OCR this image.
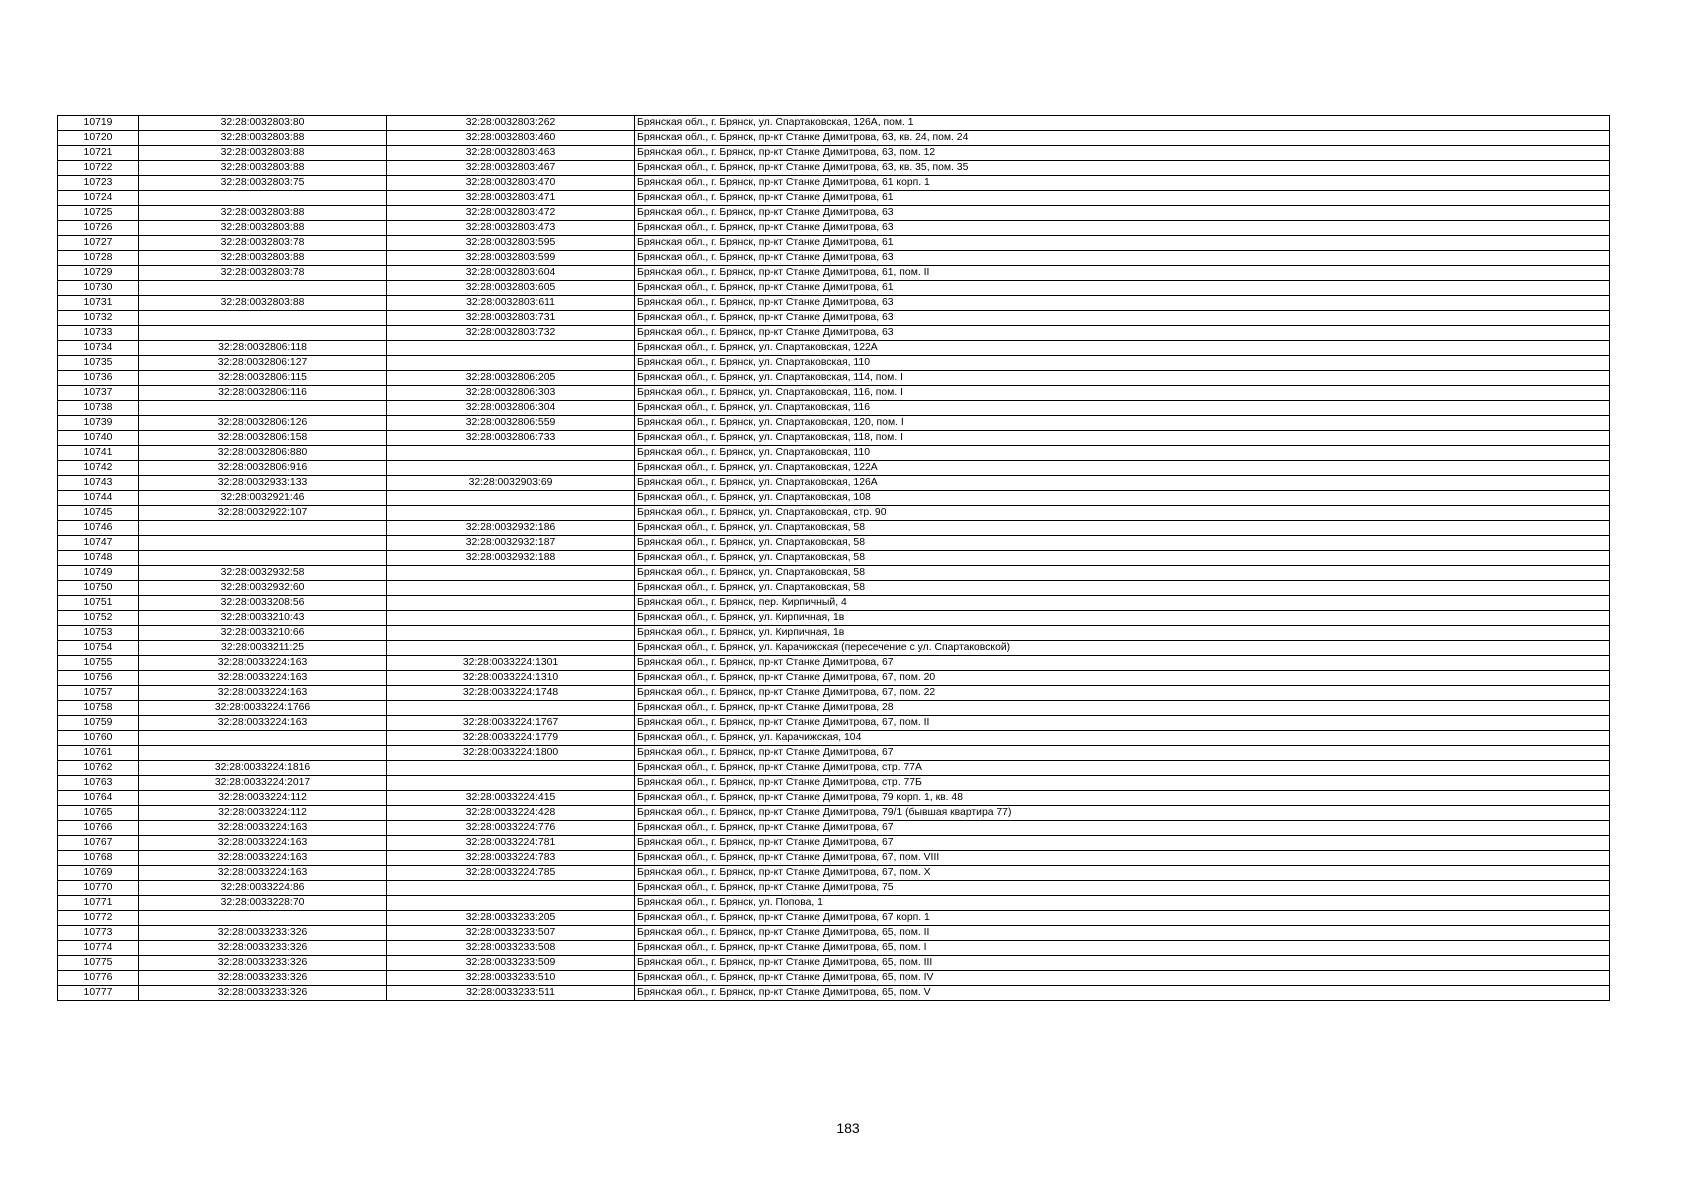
10719	32:28:0032803:80	32:28:0032803:262	Брянская обл., г. Брянск, ул. Спартаковская, 126А, пом. 1
10720	32:28:0032803:88	32:28:0032803:460	Брянская обл., г. Брянск, пр-кт Станке Димитрова, 63, кв. 24, пом. 24
10721	32:28:0032803:88	32:28:0032803:463	Брянская обл., г. Брянск, пр-кт Станке Димитрова, 63, пом. 12
10722	32:28:0032803:88	32:28:0032803:467	Брянская обл., г. Брянск, пр-кт Станке Димитрова, 63, кв. 35, пом. 35
10723	32:28:0032803:75	32:28:0032803:470	Брянская обл., г. Брянск, пр-кт Станке Димитрова, 61 корп. 1
10724		32:28:0032803:471	Брянская обл., г. Брянск, пр-кт Станке Димитрова, 61
10725	32:28:0032803:88	32:28:0032803:472	Брянская обл., г. Брянск, пр-кт Станке Димитрова, 63
10726	32:28:0032803:88	32:28:0032803:473	Брянская обл., г. Брянск, пр-кт Станке Димитрова, 63
10727	32:28:0032803:78	32:28:0032803:595	Брянская обл., г. Брянск, пр-кт Станке Димитрова, 61
10728	32:28:0032803:88	32:28:0032803:599	Брянская обл., г. Брянск, пр-кт Станке Димитрова, 63
10729	32:28:0032803:78	32:28:0032803:604	Брянская обл., г. Брянск, пр-кт Станке Димитрова, 61, пом. II
10730		32:28:0032803:605	Брянская обл., г. Брянск, пр-кт Станке Димитрова, 61
10731	32:28:0032803:88	32:28:0032803:611	Брянская обл., г. Брянск, пр-кт Станке Димитрова, 63
10732		32:28:0032803:731	Брянская обл., г. Брянск, пр-кт Станке Димитрова, 63
10733		32:28:0032803:732	Брянская обл., г. Брянск, пр-кт Станке Димитрова, 63
10734	32:28:0032806:118		Брянская обл., г. Брянск, ул. Спартаковская, 122А
10735	32:28:0032806:127		Брянская обл., г. Брянск, ул. Спартаковская, 110
10736	32:28:0032806:115	32:28:0032806:205	Брянская обл., г. Брянск, ул. Спартаковская, 114, пом. I
10737	32:28:0032806:116	32:28:0032806:303	Брянская обл., г. Брянск, ул. Спартаковская, 116, пом. I
10738		32:28:0032806:304	Брянская обл., г. Брянск, ул. Спартаковская, 116
10739	32:28:0032806:126	32:28:0032806:559	Брянская обл., г. Брянск, ул. Спартаковская, 120, пом. I
10740	32:28:0032806:158	32:28:0032806:733	Брянская обл., г. Брянск, ул. Спартаковская, 118, пом. I
10741	32:28:0032806:880		Брянская обл., г. Брянск, ул. Спартаковская, 110
10742	32:28:0032806:916		Брянская обл., г. Брянск, ул. Спартаковская, 122А
10743	32:28:0032933:133	32:28:0032903:69	Брянская обл., г. Брянск, ул. Спартаковская, 126А
10744	32:28:0032921:46		Брянская обл., г. Брянск, ул. Спартаковская, 108
10745	32:28:0032922:107		Брянская обл., г. Брянск, ул. Спартаковская, стр. 90
10746		32:28:0032932:186	Брянская обл., г. Брянск, ул. Спартаковская, 58
10747		32:28:0032932:187	Брянская обл., г. Брянск, ул. Спартаковская, 58
10748		32:28:0032932:188	Брянская обл., г. Брянск, ул. Спартаковская, 58
10749	32:28:0032932:58		Брянская обл., г. Брянск, ул. Спартаковская, 58
10750	32:28:0032932:60		Брянская обл., г. Брянск, ул. Спартаковская, 58
10751	32:28:0033208:56		Брянская обл., г. Брянск, пер. Кирпичный, 4
10752	32:28:0033210:43		Брянская обл., г. Брянск, ул. Кирпичная, 1в
10753	32:28:0033210:66		Брянская обл., г. Брянск, ул. Кирпичная, 1в
10754	32:28:0033211:25		Брянская обл., г. Брянск, ул. Карачижская (пересечение с ул. Спартаковской)
10755	32:28:0033224:163	32:28:0033224:1301	Брянская обл., г. Брянск, пр-кт Станке Димитрова, 67
10756	32:28:0033224:163	32:28:0033224:1310	Брянская обл., г. Брянск, пр-кт Станке Димитрова, 67, пом. 20
10757	32:28:0033224:163	32:28:0033224:1748	Брянская обл., г. Брянск, пр-кт Станке Димитрова, 67, пом. 22
10758	32:28:0033224:1766		Брянская обл., г. Брянск, пр-кт Станке Димитрова, 28
10759	32:28:0033224:163	32:28:0033224:1767	Брянская обл., г. Брянск, пр-кт Станке Димитрова, 67, пом. II
10760		32:28:0033224:1779	Брянская обл., г. Брянск, ул. Карачижская, 104
10761		32:28:0033224:1800	Брянская обл., г. Брянск, пр-кт Станке Димитрова, 67
10762	32:28:0033224:1816		Брянская обл., г. Брянск, пр-кт Станке Димитрова, стр. 77А
10763	32:28:0033224:2017		Брянская обл., г. Брянск, пр-кт Станке Димитрова, стр. 77Б
10764	32:28:0033224:112	32:28:0033224:415	Брянская обл., г. Брянск, пр-кт Станке Димитрова, 79 корп. 1, кв. 48
10765	32:28:0033224:112	32:28:0033224:428	Брянская обл., г. Брянск, пр-кт Станке Димитрова, 79/1 (бывшая квартира 77)
10766	32:28:0033224:163	32:28:0033224:776	Брянская обл., г. Брянск, пр-кт Станке Димитрова, 67
10767	32:28:0033224:163	32:28:0033224:781	Брянская обл., г. Брянск, пр-кт Станке Димитрова, 67
10768	32:28:0033224:163	32:28:0033224:783	Брянская обл., г. Брянск, пр-кт Станке Димитрова, 67, пом. VIII
10769	32:28:0033224:163	32:28:0033224:785	Брянская обл., г. Брянск, пр-кт Станке Димитрова, 67, пом. X
10770	32:28:0033224:86		Брянская обл., г. Брянск, пр-кт Станке Димитрова, 75
10771	32:28:0033228:70		Брянская обл., г. Брянск, ул. Попова, 1
10772		32:28:0033233:205	Брянская обл., г. Брянск, пр-кт Станке Димитрова, 67 корп. 1
10773	32:28:0033233:326	32:28:0033233:507	Брянская обл., г. Брянск, пр-кт Станке Димитрова, 65, пом. II
10774	32:28:0033233:326	32:28:0033233:508	Брянская обл., г. Брянск, пр-кт Станке Димитрова, 65, пом. I
10775	32:28:0033233:326	32:28:0033233:509	Брянская обл., г. Брянск, пр-кт Станке Димитрова, 65, пом. III
10776	32:28:0033233:326	32:28:0033233:510	Брянская обл., г. Брянск, пр-кт Станке Димитрова, 65, пом. IV
10777	32:28:0033233:326	32:28:0033233:511	Брянская обл., г. Брянск, пр-кт Станке Димитрова, 65, пом. V
183
